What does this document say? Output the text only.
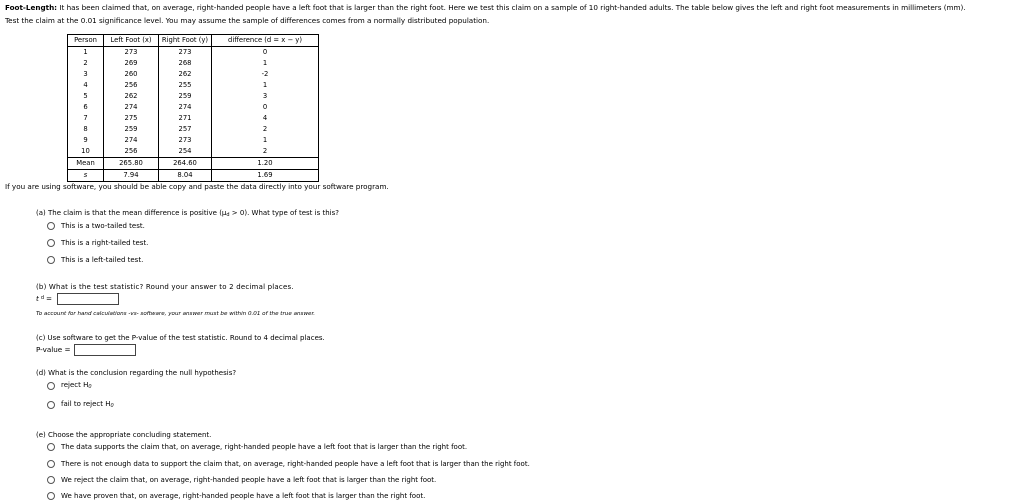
Foot-Length: It has been claimed that, on average, right-handed people have a left foot that is larger than the right foot. Here we test this claim on a sample of 10 right-handed adults. The table below gives the left and right foot measurements in millimeters (mm).
Test the claim at the 0.01 significance level. You may assume the sample of differences comes from a normally distributed population.
Person	Left Foot (x)	Right Foot (y)	difference (d = x − y)
1	273	273	0
2	269	268	1
3	260	262	-2
4	256	255	1
5	262	259	3
6	274	274	0
7	275	271	4
8	259	257	2
9	274	273	1
10	256	254	2
Mean	265.80	264.60	1.20
s	7.94	8.04	1.69
If you are using software, you should be able copy and paste the data directly into your software program.
(a) The claim is that the mean difference is positive $(\mu_d > 0)$. What type of test is this?
This is a two-tailed test.
This is a right-tailed test.
This is a left-tailed test.
(b) What is the test statistic? Round your answer to 2 decimal places.
t d =
To account for hand calculations -vs- software, your answer must be within 0.01 of the true answer.
(c) Use software to get the P-value of the test statistic. Round to 4 decimal places.
P-value =
(d) What is the conclusion regarding the null hypothesis?
reject $H_0$
fail to reject $H_0$
(e) Choose the appropriate concluding statement.
The data supports the claim that, on average, right-handed people have a left foot that is larger than the right foot.
There is not enough data to support the claim that, on average, right-handed people have a left foot that is larger than the right foot.
We reject the claim that, on average, right-handed people have a left foot that is larger than the right foot.
We have proven that, on average, right-handed people have a left foot that is larger than the right foot.
